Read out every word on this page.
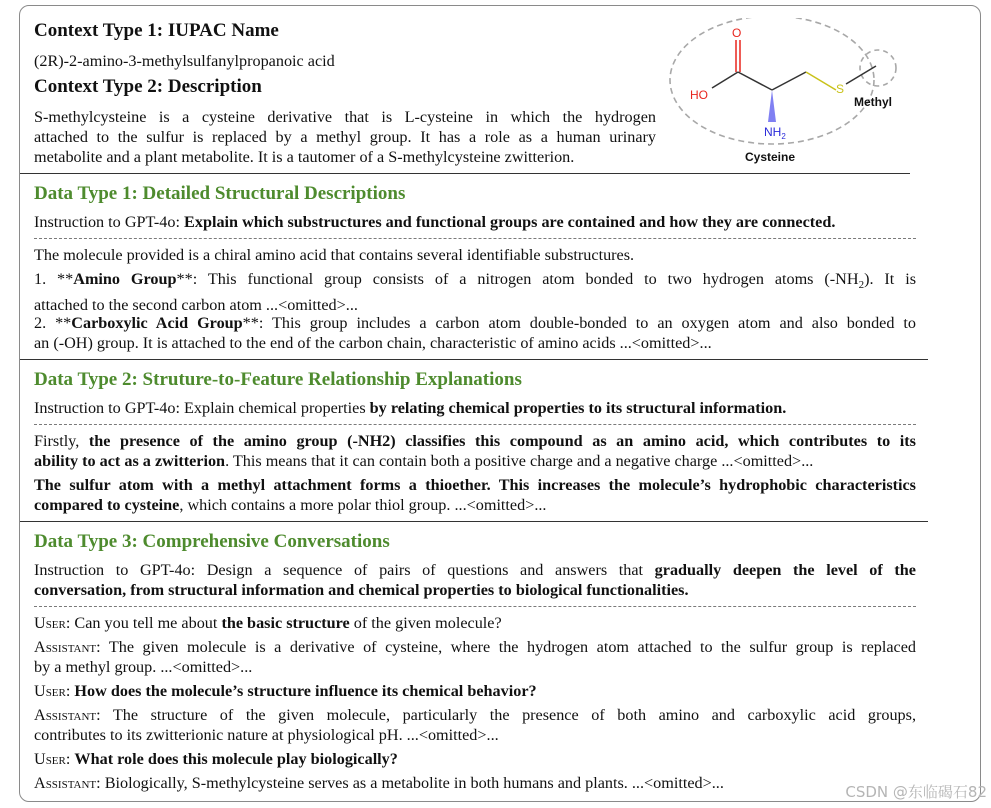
Context Type 1: IUPAC Name
(2R)-2-amino-3-methylsulfanylpropanoic acid
Context Type 2: Description
S-methylcysteine is a cysteine derivative that is L-cysteine in which the hydrogen
attached to the sulfur is replaced by a methyl group. It has a role as a human urinary
metabolite and a plant metabolite. It is a tautomer of a S-methylcysteine zwitterion.
O
HO
$NH_2$
S
Methyl
Cysteine
Data Type 1: Detailed Structural Descriptions
Instruction to GPT-4o: Explain which substructures and functional groups are contained and how they are connected.
The molecule provided is a chiral amino acid that contains several identifiable substructures.
1. **Amino Group**: This functional group consists of a nitrogen atom bonded to two hydrogen atoms $(-NH_2)$. It is
attached to the second carbon atom ...<omitted>...
2. **Carboxylic Acid Group**: This group includes a carbon atom double-bonded to an oxygen atom and also bonded to
an (-OH) group. It is attached to the end of the carbon chain, characteristic of amino acids ...<omitted>...
Data Type 2: Struture-to-Feature Relationship Explanations
Instruction to GPT-4o: Explain chemical properties by relating chemical properties to its structural information.
Firstly, the presence of the amino group (-NH2) classifies this compound as an amino acid, which contributes to its
ability to act as a zwitterion. This means that it can contain both a positive charge and a negative charge ...<omitted>...
The sulfur atom with a methyl attachment forms a thioether. This increases the molecule’s hydrophobic characteristics
compared to cysteine, which contains a more polar thiol group. ...<omitted>...
Data Type 3: Comprehensive Conversations
Instruction to GPT-4o: Design a sequence of pairs of questions and answers that gradually deepen the level of the
conversation, from structural information and chemical properties to biological functionalities.
User: Can you tell me about the basic structure of the given molecule?
Assistant: The given molecule is a derivative of cysteine, where the hydrogen atom attached to the sulfur group is replaced
by a methyl group. ...<omitted>...
User: How does the molecule’s structure influence its chemical behavior?
Assistant: The structure of the given molecule, particularly the presence of both amino and carboxylic acid groups,
contributes to its zwitterionic nature at physiological pH. ...<omitted>...
User: What role does this molecule play biologically?
Assistant: Biologically, S-methylcysteine serves as a metabolite in both humans and plants. ...<omitted>...	CSDN @东临碣石82
